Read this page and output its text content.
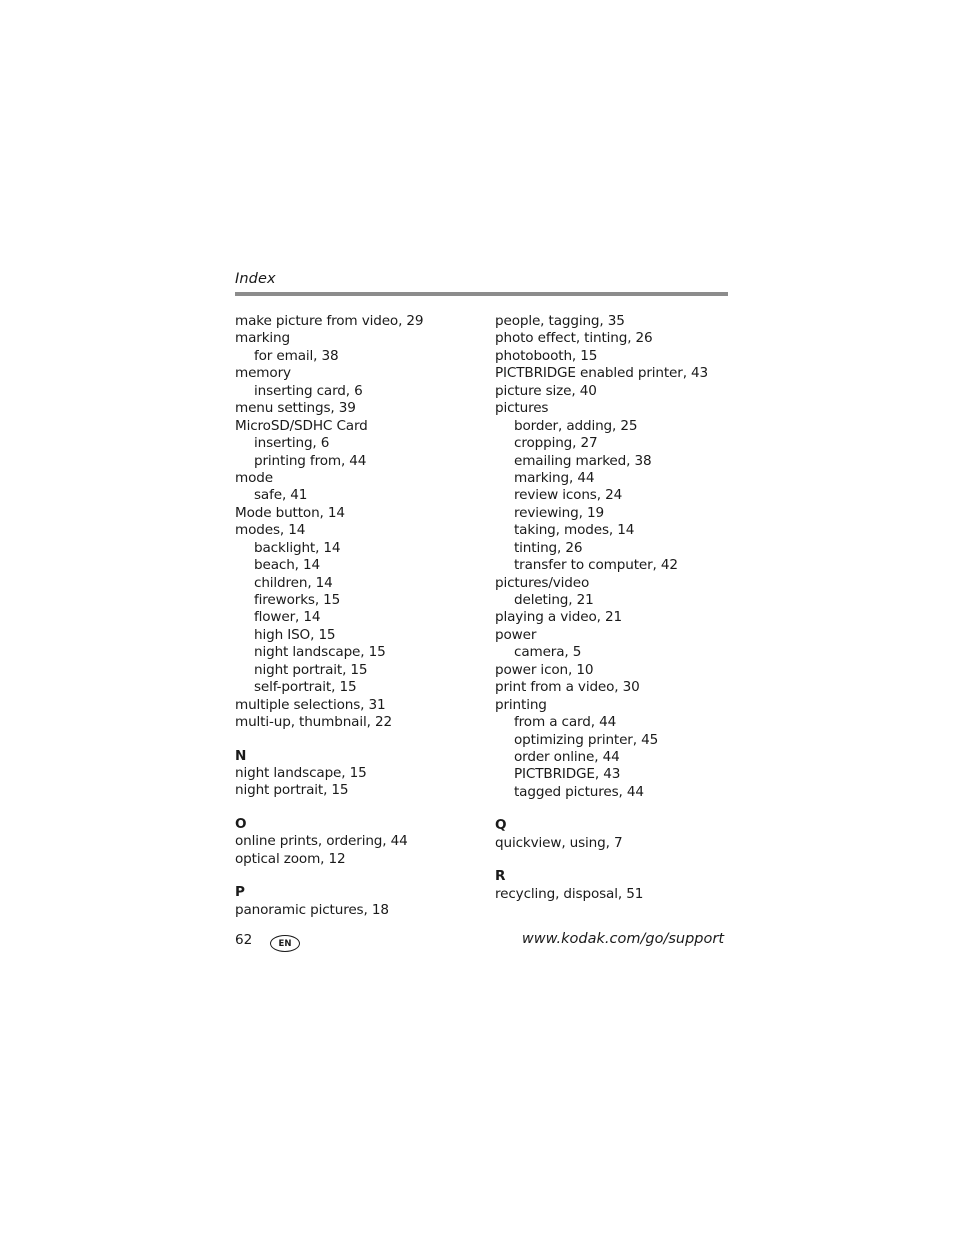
Index
make picture from video, 29
marking
for email, 38
memory
inserting card, 6
menu settings, 39
MicroSD/SDHC Card
inserting, 6
printing from, 44
mode
safe, 41
Mode button, 14
modes, 14
backlight, 14
beach, 14
children, 14
fireworks, 15
flower, 14
high ISO, 15
night landscape, 15
night portrait, 15
self-portrait, 15
multiple selections, 31
multi-up, thumbnail, 22
N
night landscape, 15
night portrait, 15
O
online prints, ordering, 44
optical zoom, 12
P
panoramic pictures, 18
people, tagging, 35
photo effect, tinting, 26
photobooth, 15
PICTBRIDGE enabled printer, 43
picture size, 40
pictures
border, adding, 25
cropping, 27
emailing marked, 38
marking, 44
review icons, 24
reviewing, 19
taking, modes, 14
tinting, 26
transfer to computer, 42
pictures/video
deleting, 21
playing a video, 21
power
camera, 5
power icon, 10
print from a video, 30
printing
from a card, 44
optimizing printer, 45
order online, 44
PICTBRIDGE, 43
tagged pictures, 44
Q
quickview, using, 7
R
recycling, disposal, 51
62	EN	www.kodak.com/go/support
